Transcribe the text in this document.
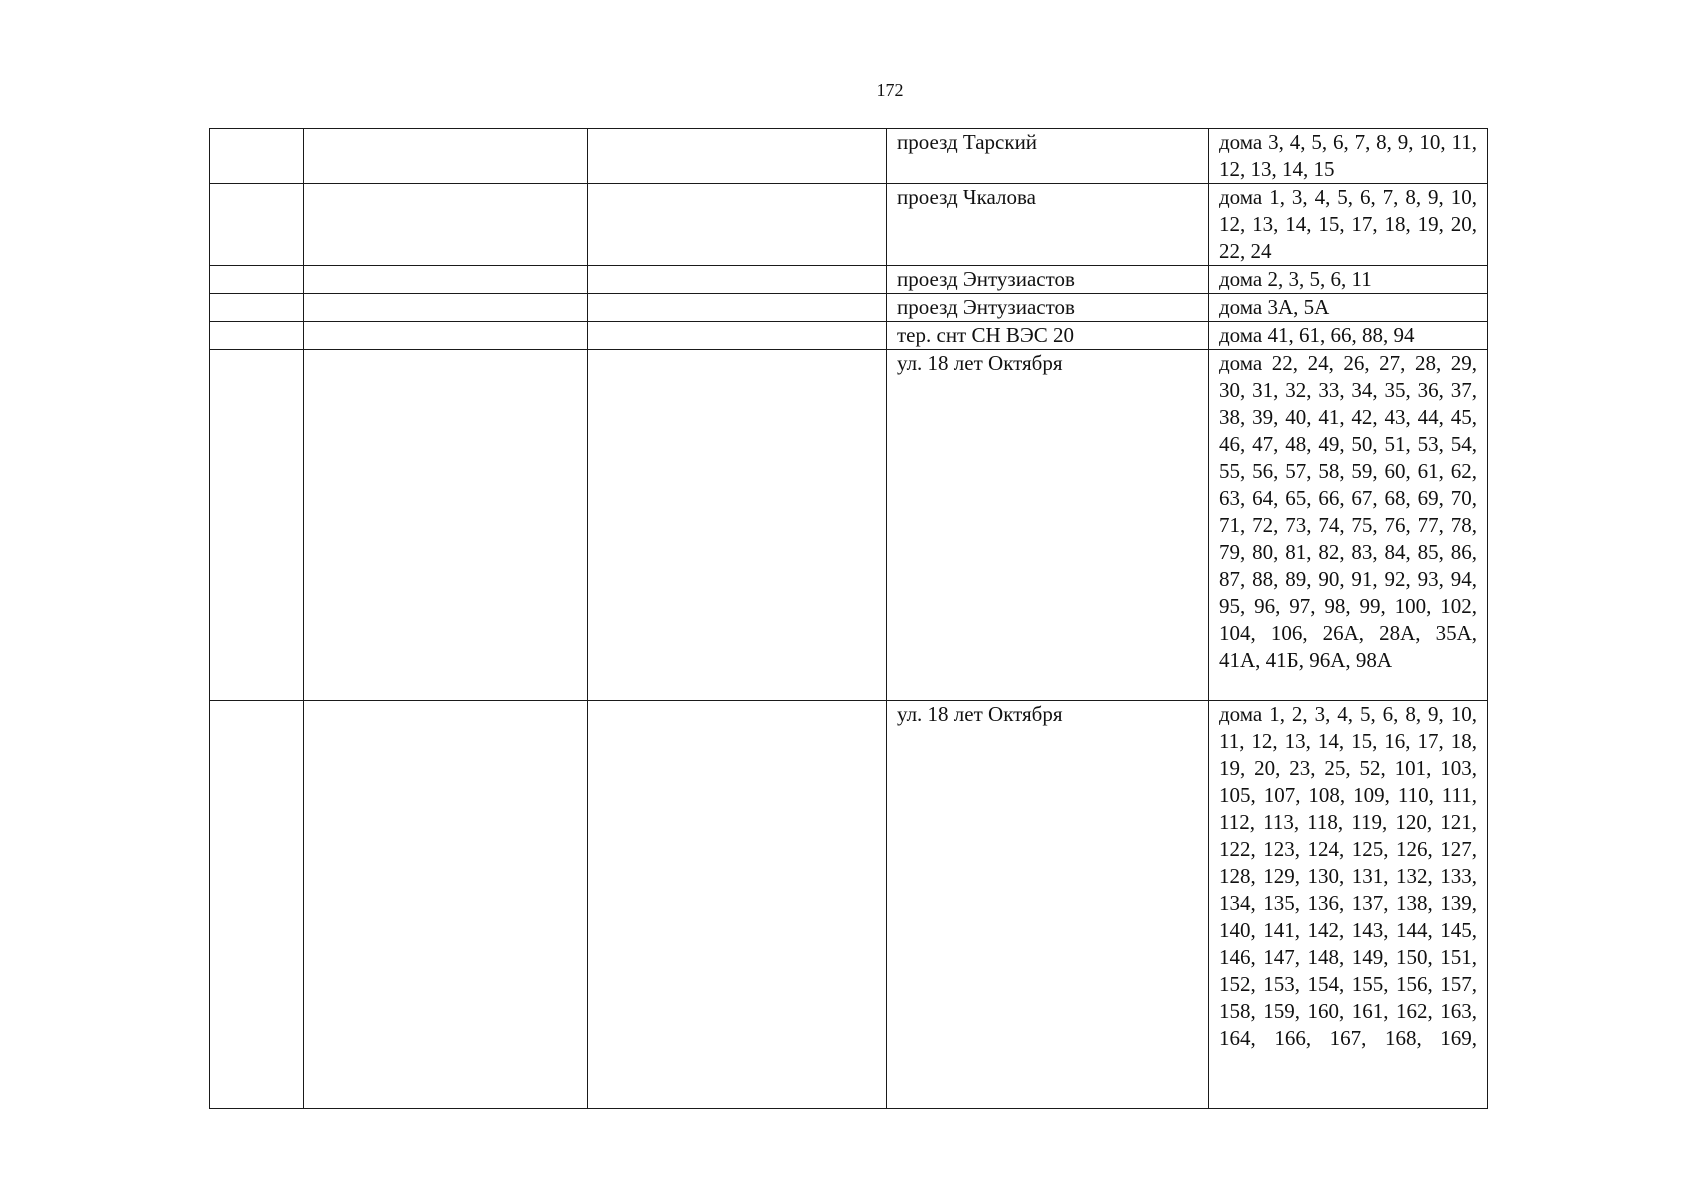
172
			проезд Тарский	дома 3, 4, 5, 6, 7, 8, 9, 10, 11, 12, 13, 14, 15
			проезд Чкалова	дома 1, 3, 4, 5, 6, 7, 8, 9, 10, 12, 13, 14, 15, 17, 18, 19, 20, 22, 24
			проезд Энтузиастов	дома 2, 3, 5, 6, 11
			проезд Энтузиастов	дома 3А, 5А
			тер. снт СН ВЭС 20	дома 41, 61, 66, 88, 94
			ул. 18 лет Октября	дома 22, 24, 26, 27, 28, 29, 30, 31, 32, 33, 34, 35, 36, 37, 38, 39, 40, 41, 42, 43, 44, 45, 46, 47, 48, 49, 50, 51, 53, 54, 55, 56, 57, 58, 59, 60, 61, 62, 63, 64, 65, 66, 67, 68, 69, 70, 71, 72, 73, 74, 75, 76, 77, 78, 79, 80, 81, 82, 83, 84, 85, 86, 87, 88, 89, 90, 91, 92, 93, 94, 95, 96, 97, 98, 99, 100, 102, 104, 106, 26А, 28А, 35А, 41А, 41Б, 96А, 98А
			ул. 18 лет Октября	дома 1, 2, 3, 4, 5, 6, 8, 9, 10, 11, 12, 13, 14, 15, 16, 17, 18, 19, 20, 23, 25, 52, 101, 103, 105, 107, 108, 109, 110, 111, 112, 113, 118, 119, 120, 121, 122, 123, 124, 125, 126, 127, 128, 129, 130, 131, 132, 133, 134, 135, 136, 137, 138, 139, 140, 141, 142, 143, 144, 145, 146, 147, 148, 149, 150, 151, 152, 153, 154, 155, 156, 157, 158, 159, 160, 161, 162, 163, 164, 166, 167, 168, 169,
